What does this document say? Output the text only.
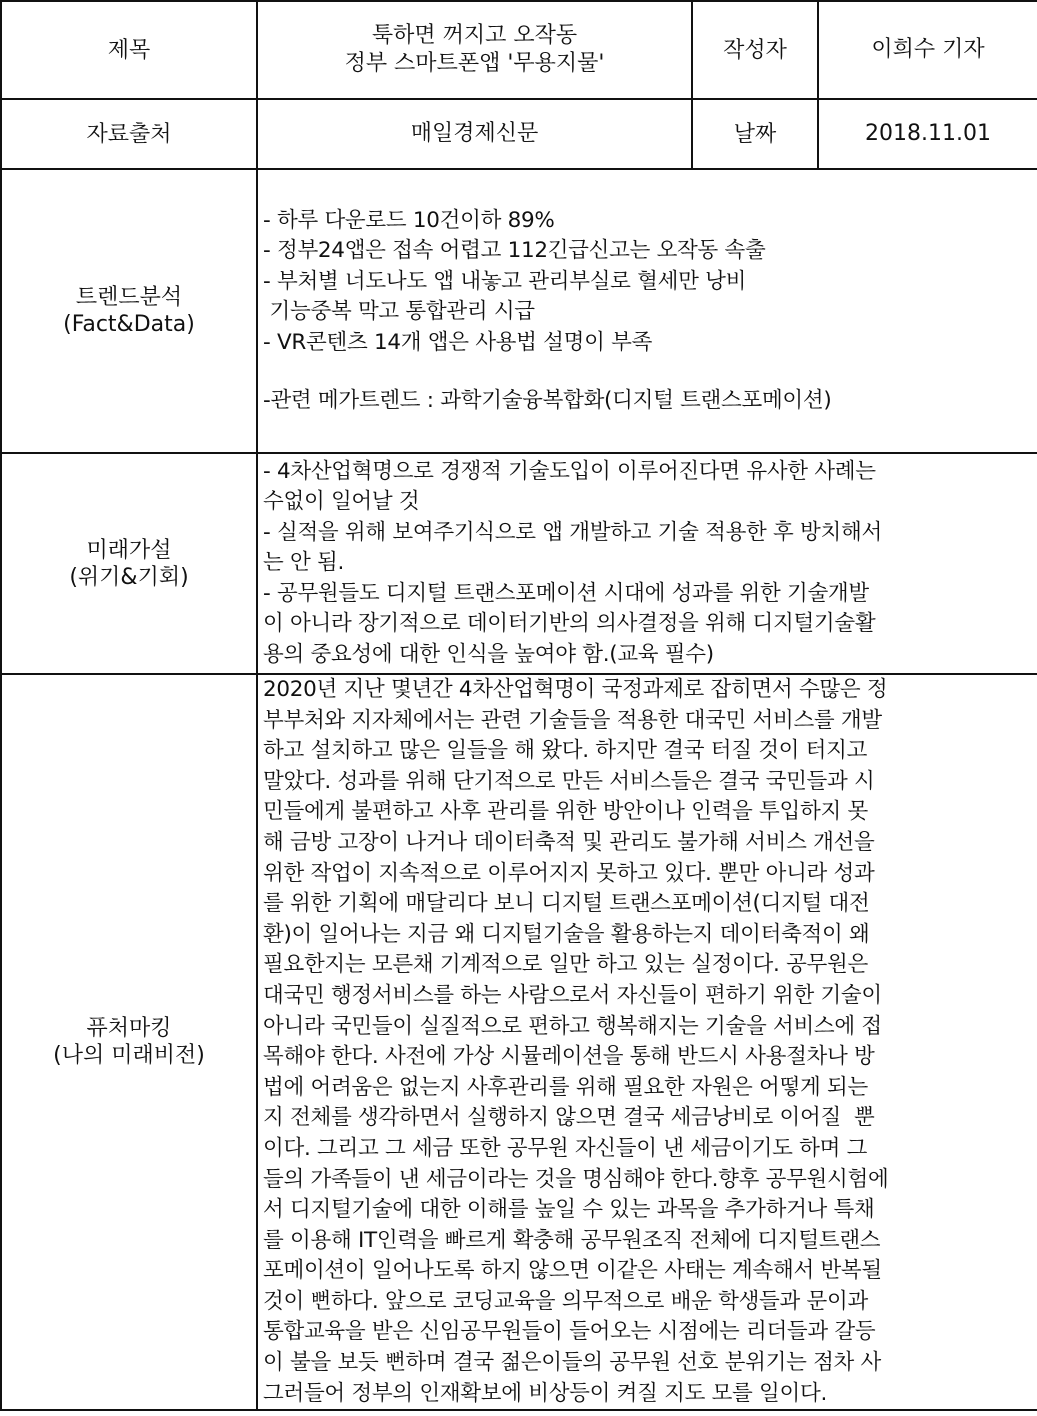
제목	툭하면 꺼지고 오작동
정부 스마트폰앱 '무용지물'	작성자	이희수 기자
자료출처	매일경제신문	날짜	2018.11.01

트렌드분석
(Fact&Data)

- 하루 다운로드 10건이하 89%
- 정부24앱은 접속 어렵고 112긴급신고는 오작동 속출
- 부처별 너도나도 앱 내놓고 관리부실로 혈세만 낭비
기능중복 막고 통합관리 시급
- VR콘텐츠 14개 앱은 사용법 설명이 부족
-관련 메가트렌드 : 과학기술융복합화(디지털 트랜스포메이션)

미래가설
(위기&기회)

- 4차산업혁명으로 경쟁적 기술도입이 이루어진다면 유사한 사례는
수없이 일어날 것
- 실적을 위해 보여주기식으로 앱 개발하고 기술 적용한 후 방치해서
는 안 됨.
- 공무원들도 디지털 트랜스포메이션 시대에 성과를 위한 기술개발
이 아니라 장기적으로 데이터기반의 의사결정을 위해 디지털기술활
용의 중요성에 대한 인식을 높여야 함.(교육 필수)

퓨처마킹
(나의 미래비전)

2020년 지난 몇년간 4차산업혁명이 국정과제로 잡히면서 수많은 정
부부처와 지자체에서는 관련 기술들을 적용한 대국민 서비스를 개발
하고 설치하고 많은 일들을 해 왔다. 하지만 결국 터질 것이 터지고
말았다. 성과를 위해 단기적으로 만든 서비스들은 결국 국민들과 시
민들에게 불편하고 사후 관리를 위한 방안이나 인력을 투입하지 못
해 금방 고장이 나거나 데이터축적 및 관리도 불가해 서비스 개선을
위한 작업이 지속적으로 이루어지지 못하고 있다. 뿐만 아니라 성과
를 위한 기획에 매달리다 보니 디지털 트랜스포메이션(디지털 대전
환)이 일어나는 지금 왜 디지털기술을 활용하는지 데이터축적이 왜
필요한지는 모른채 기계적으로 일만 하고 있는 실정이다. 공무원은
대국민 행정서비스를 하는 사람으로서 자신들이 편하기 위한 기술이
아니라 국민들이 실질적으로 편하고 행복해지는 기술을 서비스에 접
목해야 한다. 사전에 가상 시뮬레이션을 통해 반드시 사용절차나 방
법에 어려움은 없는지 사후관리를 위해 필요한 자원은 어떻게 되는
지 전체를 생각하면서 실행하지 않으면 결국 세금낭비로 이어질  뿐
이다. 그리고 그 세금 또한 공무원 자신들이 낸 세금이기도 하며 그
들의 가족들이 낸 세금이라는 것을 명심해야 한다.향후 공무원시험에
서 디지털기술에 대한 이해를 높일 수 있는 과목을 추가하거나 특채
를 이용해 IT인력을 빠르게 확충해 공무원조직 전체에 디지털트랜스
포메이션이 일어나도록 하지 않으면 이같은 사태는 계속해서 반복될
것이 뻔하다. 앞으로 코딩교육을 의무적으로 배운 학생들과 문이과
통합교육을 받은 신임공무원들이 들어오는 시점에는 리더들과 갈등
이 불을 보듯 뻔하며 결국 젊은이들의 공무원 선호 분위기는 점차 사
그러들어 정부의 인재확보에 비상등이 켜질 지도 모를 일이다.
